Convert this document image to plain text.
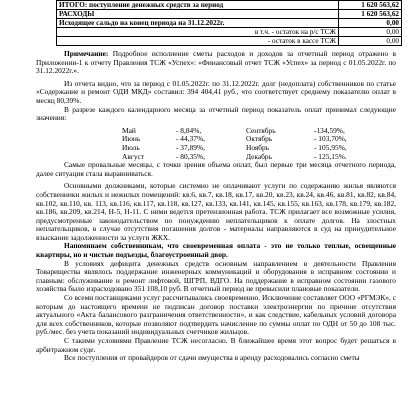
ИТОГО: поступление денежных средств за период	1 620 563,62
РАСХОДЫ	1 620 563,62
Исходящее сальдо на конец периода на 31.12.2022г.	0,00
в т.ч. - остаток на р/с ТСЖ	0,00
- остаток в кассе ТСЖ	0,00

Примечание: Подробное исполнение сметы расходов и доходов за отчетный период отражено в Приложении-1 к отчету Правления ТСЖ «Успех»: «Финансовый отчет ТСЖ «Успех» за период с 01.05.2022г. по 31.12.2022г.».

Из отчета видно, что за период с 01.05.2022г. по 31.12.2022г. долг (недоплата) собственников по статье «Содержание и ремонт ОДИ МКД» составил: 394 404,41 руб., что соответствует среднему показателю оплат в месяц 80,39%.

В разрезе каждого календарного месяца за отчетный период показатель оплат принимал следующие значения:

Май	- 8,84%,	Сентябрь	-134,59%,
Июнь	- 44,37%,	Октябрь	- 103,70%,
Июль	- 37,89%,	Ноябрь	- 105,95%,
Август	- 80,35%,	Декабрь	- 125,15%.

Самые провальные месяцы, с точки зрения объема оплат, был первые три месяца отчетного периода, далее ситуация стала выравниваться.

Основными должниками, которые системно не оплачивают услуги по содержанию жилья являются собственники жилых и нежилых помещений: кв.6, кв.7, кв.18, кв.17, кв.20, кв.23, кв.24, кв.46, кв.81, кв.82, кв.84, кв.102, кв.110, кв. 113, кв.116, кв.117, кв.118, кв.127, кв.133, кв.141, кв.145, кв.155, кв.163, кв.178, кв.179, кв.182, кв.186, кв.209, кв.214, Н-5, Н-11. С ними ведется претензионная работа. ТСЖ прилагает все возможные усилия, предусмотренные законодательством по понуждению неплательщиков к оплате долгов. На злостных неплательщиков, в случае отсутствия погашения долгов - материалы направляются в суд на принудительное взыскание задолженности за услуги ЖКХ.

Напоминаем собственникам, что своевременная оплата - это не только теплые, освещенные квартиры, но и чистые подъезды, благоустроенный двор.

В условиях дефицита денежных средств основным направлением в деятельности Правления Товарищества являлось поддержание инженерных коммуникаций и оборудования в исправном состоянии и главным: обслуживание и ремонт лифтовой, ШГРП, ВДГО. На поддержание в исправном состоянии газового хозяйства было израсходовано 351 108,10 руб. В отчетный период не превысили плановые показатели.

Со всеми поставщиками услуг рассчитывались своевременно. Исключение составляет ООО «РГМЭК», с которым до настоящего времени не подписан договор поставки электроэнергии по причине отсутствия актуального «Акта балансового разграничения ответственности», и как следствие, кабельных условий договора для всех собственников, которые позволяют подтвердить начисление по суммы оплат по ОДН от 50 до 108 тыс. руб./мес. без учета показаний индивидуальных счетчиков жильцов.

С такими условиями Правление ТСЖ несогласно. В ближайшее время этот вопрос будет решаться в арбитражном суде.

Все поступления от провайдеров от сдачи имущества в аренду расходовались согласно сметы
